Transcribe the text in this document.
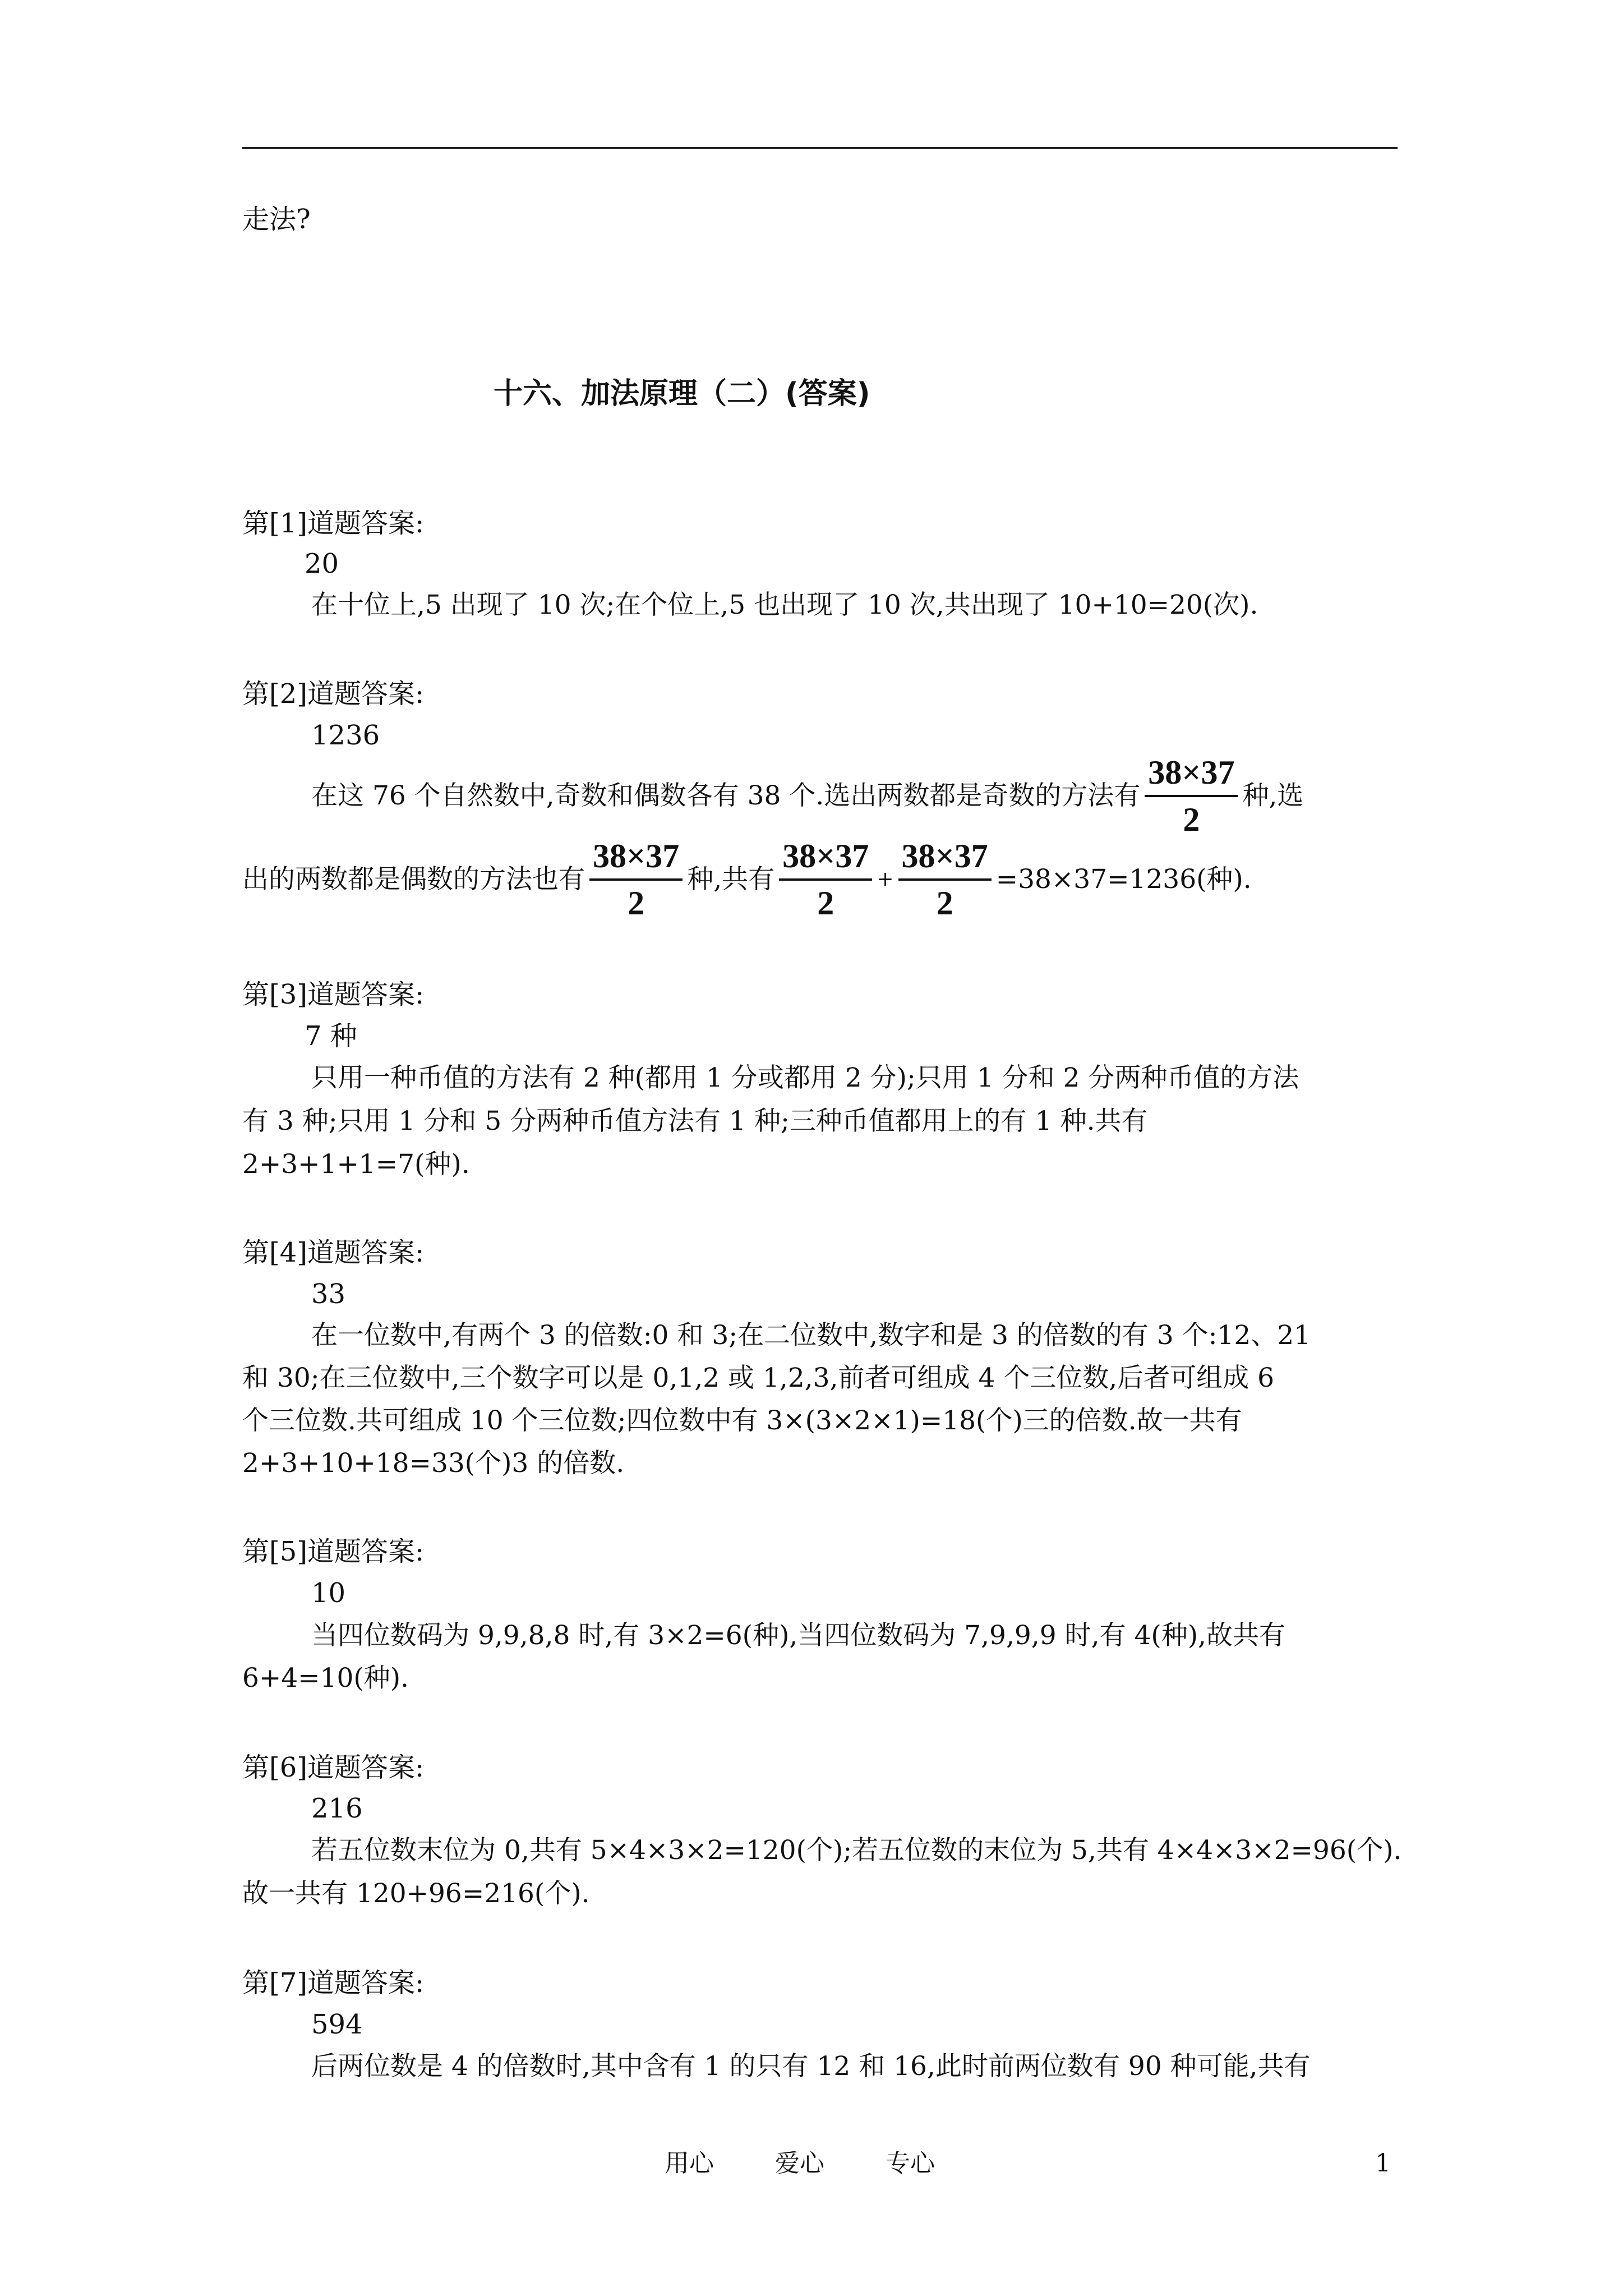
走法?

十六、加法原理（二）(答案)

第[1]道题答案:

20

在十位上,5 出现了 10 次;在个位上,5 也出现了 10 次,共出现了 10+10=20(次).

第[2]道题答案:

1236

在这 76 个自然数中,奇数和偶数各有 38 个.选出两数都是奇数的方法有 $\frac{38\times 37}{2}$ 种,选
出的两数都是偶数的方法也有 $\frac{38\times 37}{2}$ 种,共有 $\frac{38\times 37}{2} + \frac{38\times 37}{2} =38\times 37=1236$(种).

第[3]道题答案:

7 种

只用一种币值的方法有 2 种(都用 1 分或都用 2 分);只用 1 分和 2 分两种币值的方法

有 3 种;只用 1 分和 5 分两种币值方法有 1 种;三种币值都用上的有 1 种.共有

2+3+1+1=7(种).

第[4]道题答案:

33

在一位数中,有两个 3 的倍数:0 和 3;在二位数中,数字和是 3 的倍数的有 3 个:12、21

和 30;在三位数中,三个数字可以是 0,1,2 或 1,2,3,前者可组成 4 个三位数,后者可组成 6

个三位数.共可组成 10 个三位数;四位数中有 3×(3×2×1)=18(个)三的倍数.故一共有

2+3+10+18=33(个)3 的倍数.

第[5]道题答案:

10

当四位数码为 9,9,8,8 时,有 3×2=6(种),当四位数码为 7,9,9,9 时,有 4(种),故共有

6+4=10(种).

第[6]道题答案:

216

若五位数末位为 0,共有 5×4×3×2=120(个);若五位数的末位为 5,共有 4×4×3×2=96(个).

故一共有 120+96=216(个).

第[7]道题答案:

594

后两位数是 4 的倍数时,其中含有 1 的只有 12 和 16,此时前两位数有 90 种可能,共有

用心 爱心 专心	1
